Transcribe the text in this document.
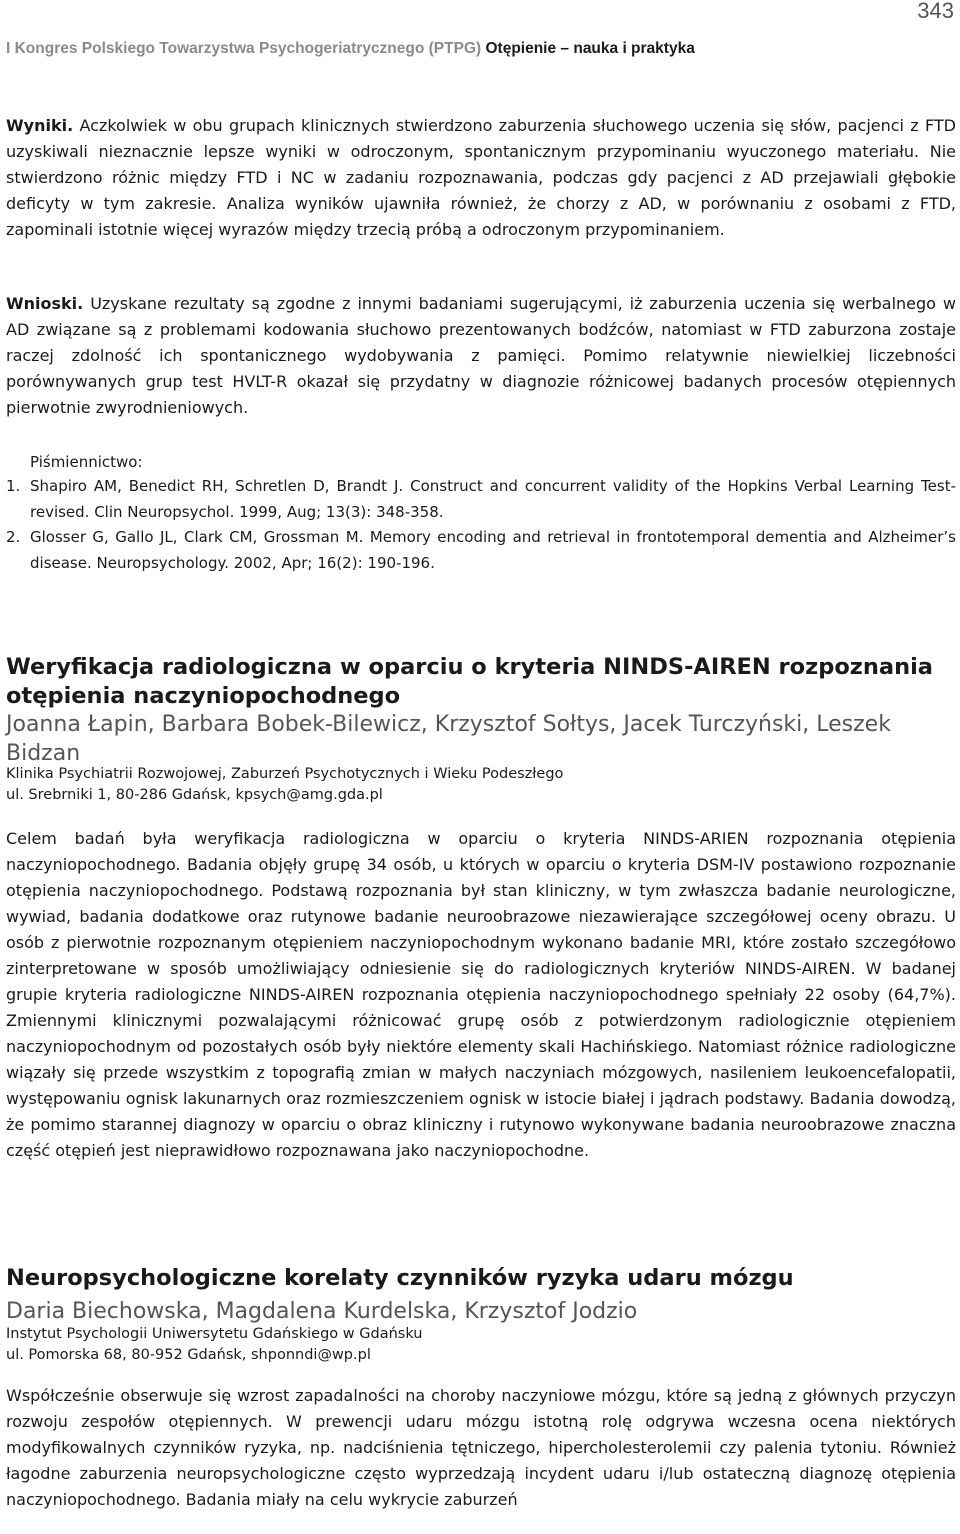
343
I Kongres Polskiego Towarzystwa Psychogeriatrycznego (PTPG) Otępienie – nauka i praktyka

Wyniki. Aczkolwiek w obu grupach klinicznych stwierdzono zaburzenia słuchowego uczenia się słów, pacjenci z FTD uzyskiwali nieznacznie lepsze wyniki w odroczonym, spontanicznym przypominaniu wyuczonego materiału. Nie stwierdzono różnic między FTD i NC w zadaniu rozpoznawania, podczas gdy pacjenci z AD przejawiali głębokie deficyty w tym zakresie. Analiza wyników ujawniła również, że chorzy z AD, w porównaniu z osobami z FTD, zapominali istotnie więcej wyrazów między trzecią próbą a odroczonym przypominaniem.

Wnioski. Uzyskane rezultaty są zgodne z innymi badaniami sugerującymi, iż zaburzenia uczenia się werbalnego w AD związane są z problemami kodowania słuchowo prezentowanych bodźców, natomiast w FTD zaburzona zostaje raczej zdolność ich spontanicznego wydobywania z pamięci. Pomimo relatywnie niewielkiej liczebności porównywanych grup test HVLT-R okazał się przydatny w diagnozie różnicowej badanych procesów otępiennych pierwotnie zwyrodnieniowych.

Piśmiennictwo:
1. Shapiro AM, Benedict RH, Schretlen D, Brandt J. Construct and concurrent validity of the Hopkins Verbal Learning Test-revised. Clin Neuropsychol. 1999, Aug; 13(3): 348-358.
2. Glosser G, Gallo JL, Clark CM, Grossman M. Memory encoding and retrieval in frontotemporal dementia and Alzheimer’s disease. Neuropsychology. 2002, Apr; 16(2): 190-196.
Weryfikacja radiologiczna w oparciu o kryteria NINDS-AIREN rozpoznania otępienia naczyniopochodnego
Joanna Łapin, Barbara Bobek-Bilewicz, Krzysztof Sołtys, Jacek Turczyński, Leszek Bidzan
Klinika Psychiatrii Rozwojowej, Zaburzeń Psychotycznych i Wieku Podeszłego
ul. Srebrniki 1, 80-286 Gdańsk, kpsych@amg.gda.pl

Celem badań była weryfikacja radiologiczna w oparciu o kryteria NINDS-ARIEN rozpoznania otępienia naczyniopochodnego. Badania objęły grupę 34 osób, u których w oparciu o kryteria DSM-IV postawiono rozpoznanie otępienia naczyniopochodnego. Podstawą rozpoznania był stan kliniczny, w tym zwłaszcza badanie neurologiczne, wywiad, badania dodatkowe oraz rutynowe badanie neuroobrazowe niezawierające szczegółowej oceny obrazu. U osób z pierwotnie rozpoznanym otępieniem naczyniopochodnym wykonano badanie MRI, które zostało szczegółowo zinterpretowane w sposób umożliwiający odniesienie się do radiologicznych kryteriów NINDS-AIREN. W badanej grupie kryteria radiologiczne NINDS-AIREN rozpoznania otępienia naczyniopochodnego spełniały 22 osoby (64,7%). Zmiennymi klinicznymi pozwalającymi różnicować grupę osób z potwierdzonym radiologicznie otępieniem naczyniopochodnym od pozostałych osób były niektóre elementy skali Hachińskiego. Natomiast różnice radiologiczne wiązały się przede wszystkim z topografią zmian w małych naczyniach mózgowych, nasileniem leukoencefalopatii, występowaniu ognisk lakunarnych oraz rozmieszczeniem ognisk w istocie białej i jądrach podstawy. Badania dowodzą, że pomimo starannej diagnozy w oparciu o obraz kliniczny i rutynowo wykonywane badania neuroobrazowe znaczna część otępień jest nieprawidłowo rozpoznawana jako naczyniopochodne.

Neuropsychologiczne korelaty czynników ryzyka udaru mózgu
Daria Biechowska, Magdalena Kurdelska, Krzysztof Jodzio
Instytut Psychologii Uniwersytetu Gdańskiego w Gdańsku
ul. Pomorska 68, 80-952 Gdańsk, shponndi@wp.pl

Współcześnie obserwuje się wzrost zapadalności na choroby naczyniowe mózgu, które są jedną z głównych przyczyn rozwoju zespołów otępiennych. W prewencji udaru mózgu istotną rolę odgrywa wczesna ocena niektórych modyfikowalnych czynników ryzyka, np. nadciśnienia tętniczego, hipercholesterolemii czy palenia tytoniu. Również łagodne zaburzenia neuropsychologiczne często wyprzedzają incydent udaru i/lub ostateczną diagnozę otępienia naczyniopochodnego. Badania miały na celu wykrycie zaburzeń
